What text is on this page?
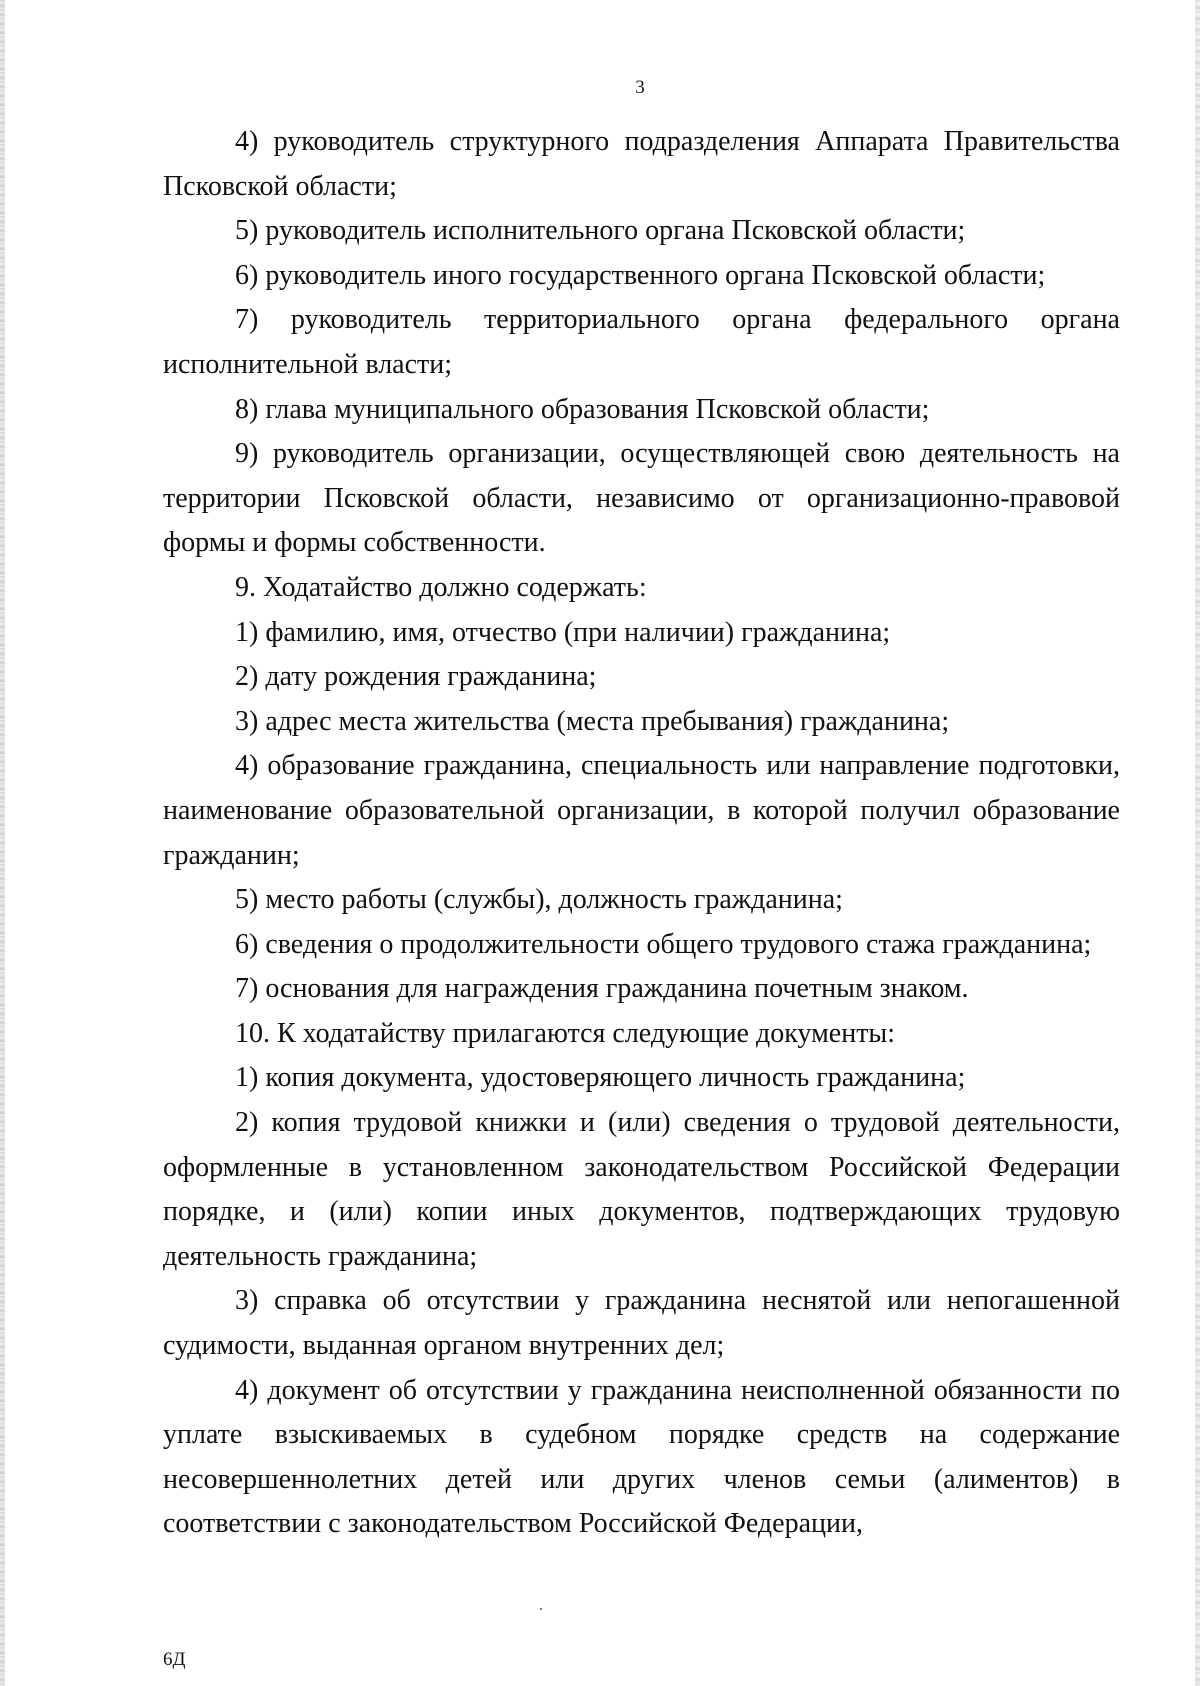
3

4) руководитель структурного подразделения Аппарата Правительства Псковской области;

5) руководитель исполнительного органа Псковской области;

6) руководитель иного государственного органа Псковской области;

7) руководитель территориального органа федерального органа исполнительной власти;

8) глава муниципального образования Псковской области;

9) руководитель организации, осуществляющей свою деятельность на территории Псковской области, независимо от организационно-правовой формы и формы собственности.

9. Ходатайство должно содержать:

1) фамилию, имя, отчество (при наличии) гражданина;

2) дату рождения гражданина;

3) адрес места жительства (места пребывания) гражданина;

4) образование гражданина, специальность или направление подготовки, наименование образовательной организации, в которой получил образование гражданин;

5) место работы (службы), должность гражданина;

6) сведения о продолжительности общего трудового стажа гражданина;

7) основания для награждения гражданина почетным знаком.

10. К ходатайству прилагаются следующие документы:

1) копия документа, удостоверяющего личность гражданина;

2) копия трудовой книжки и (или) сведения о трудовой деятельности, оформленные в установленном законодательством Российской Федерации порядке, и (или) копии иных документов, подтверждающих трудовую деятельность гражданина;

3) справка об отсутствии у гражданина неснятой или непогашенной судимости, выданная органом внутренних дел;

4) документ об отсутствии у гражданина неисполненной обязанности по уплате взыскиваемых в судебном порядке средств на содержание несовершеннолетних детей или других членов семьи (алиментов) в соответствии с законодательством Российской Федерации,

6Д
